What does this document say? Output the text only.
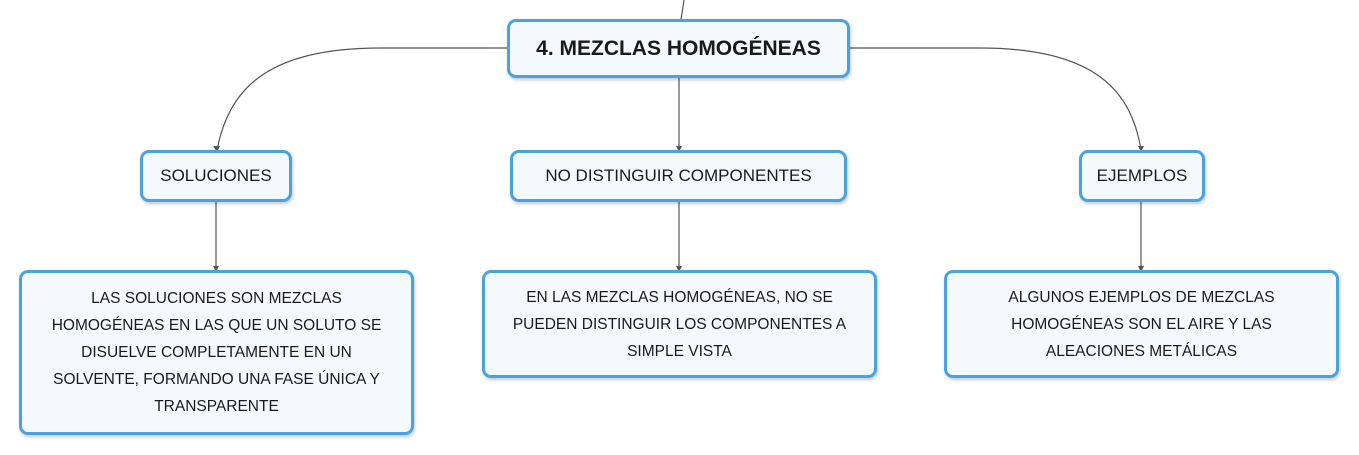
4. MEZCLAS HOMOGÉNEAS
SOLUCIONES	NO DISTINGUIR COMPONENTES	EJEMPLOS
LAS SOLUCIONES SON MEZCLAS HOMOGÉNEAS EN LAS QUE UN SOLUTO SE DISUELVE COMPLETAMENTE EN UN SOLVENTE, FORMANDO UNA FASE ÚNICA Y TRANSPARENTE
EN LAS MEZCLAS HOMOGÉNEAS, NO SE PUEDEN DISTINGUIR LOS COMPONENTES A SIMPLE VISTA
ALGUNOS EJEMPLOS DE MEZCLAS HOMOGÉNEAS SON EL AIRE Y LAS ALEACIONES METÁLICAS
